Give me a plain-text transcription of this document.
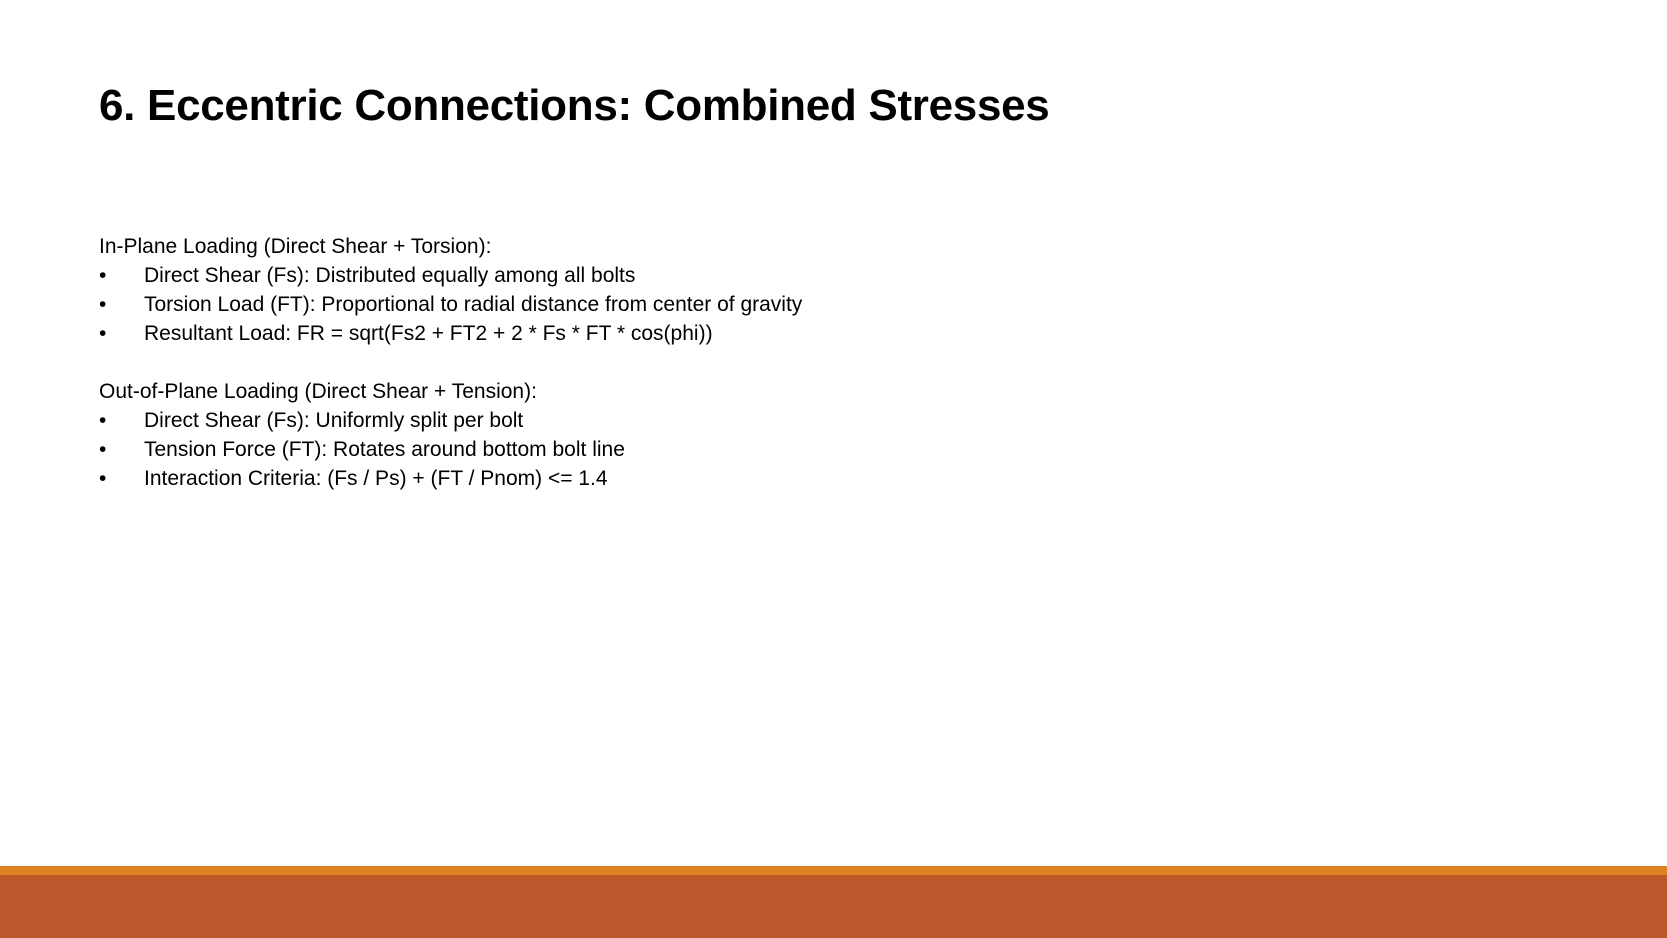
6. Eccentric Connections: Combined Stresses

In-Plane Loading (Direct Shear + Torsion):

• Direct Shear (Fs): Distributed equally among all bolts
• Torsion Load (FT): Proportional to radial distance from center of gravity
• Resultant Load: FR = sqrt(Fs2 + FT2 + 2 * Fs * FT * cos(phi))

Out-of-Plane Loading (Direct Shear + Tension):

• Direct Shear (Fs): Uniformly split per bolt
• Tension Force (FT): Rotates around bottom bolt line
• Interaction Criteria: (Fs / Ps) + (FT / Pnom) <= 1.4
